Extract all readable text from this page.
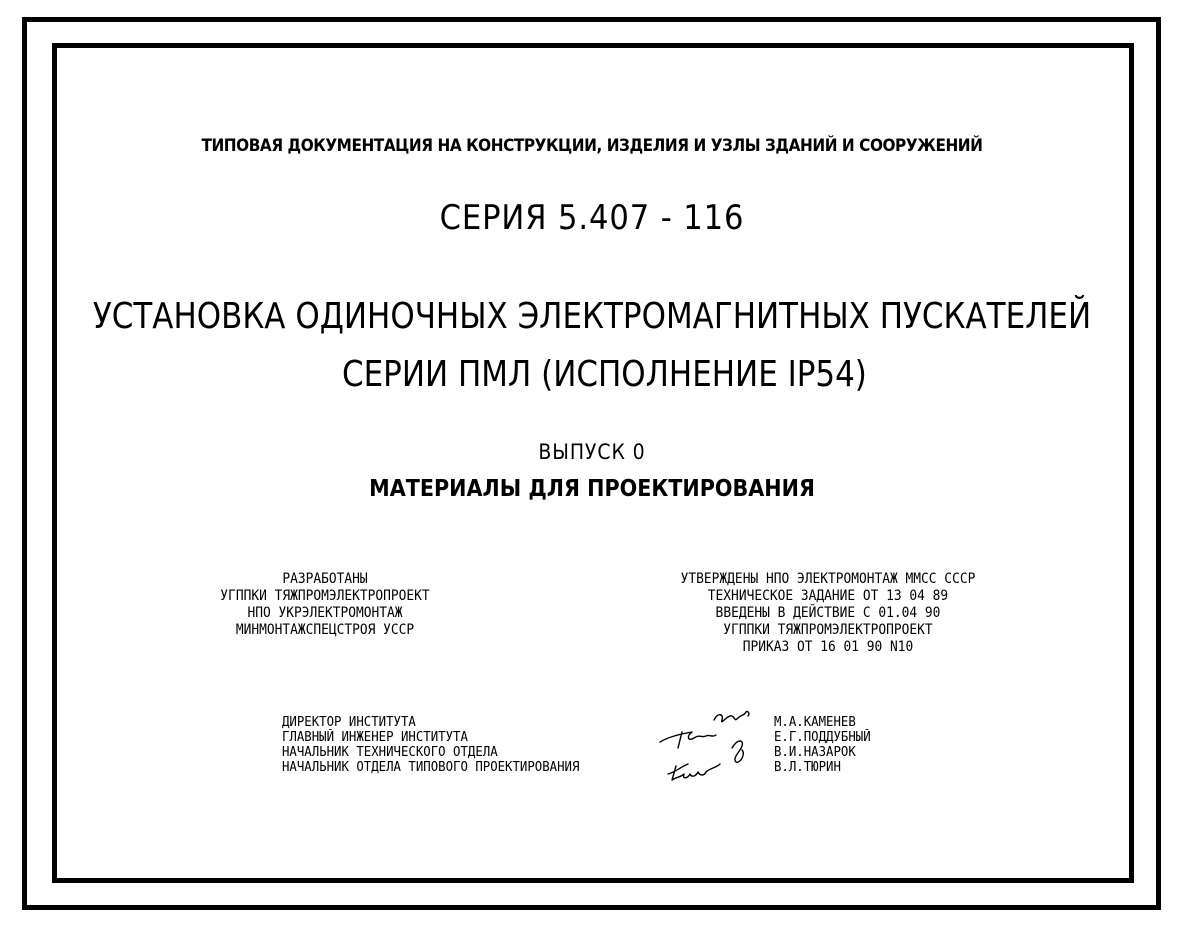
ТИПОВАЯ ДОКУМЕНТАЦИЯ НА КОНСТРУКЦИИ, ИЗДЕЛИЯ И УЗЛЫ ЗДАНИЙ И СООРУЖЕНИЙ
СЕРИЯ 5.407 - 116
УСТАНОВКА ОДИНОЧНЫХ ЭЛЕКТРОМАГНИТНЫХ ПУСКАТЕЛЕЙ
СЕРИИ ПМЛ (ИСПОЛНЕНИЕ IP54)
ВЫПУСК 0
МАТЕРИАЛЫ ДЛЯ ПРОЕКТИРОВАНИЯ
РАЗРАБОТАНЫ
УГППКИ ТЯЖПРОМЭЛЕКТРОПРОЕКТ
НПО УКРЭЛЕКТРОМОНТАЖ
МИНМОНТАЖСПЕЦСТРОЯ УССР
УТВЕРЖДЕНЫ НПО ЭЛЕКТРОМОНТАЖ ММСС СССР
ТЕХНИЧЕСКОЕ ЗАДАНИЕ ОТ 13 04 89
ВВЕДЕНЫ В ДЕЙСТВИЕ С 01.04 90
УГППКИ ТЯЖПРОМЭЛЕКТРОПРОЕКТ
ПРИКАЗ ОТ 16 01 90 N10
ДИРЕКТОР ИНСТИТУТА
ГЛАВНЫЙ ИНЖЕНЕР ИНСТИТУТА
НАЧАЛЬНИК ТЕХНИЧЕСКОГО ОТДЕЛА
НАЧАЛЬНИК ОТДЕЛА ТИПОВОГО ПРОЕКТИРОВАНИЯ
М.А.КАМЕНЕВ
Е.Г.ПОДДУБНЫЙ
В.И.НАЗАРОК
В.Л.ТЮРИН
